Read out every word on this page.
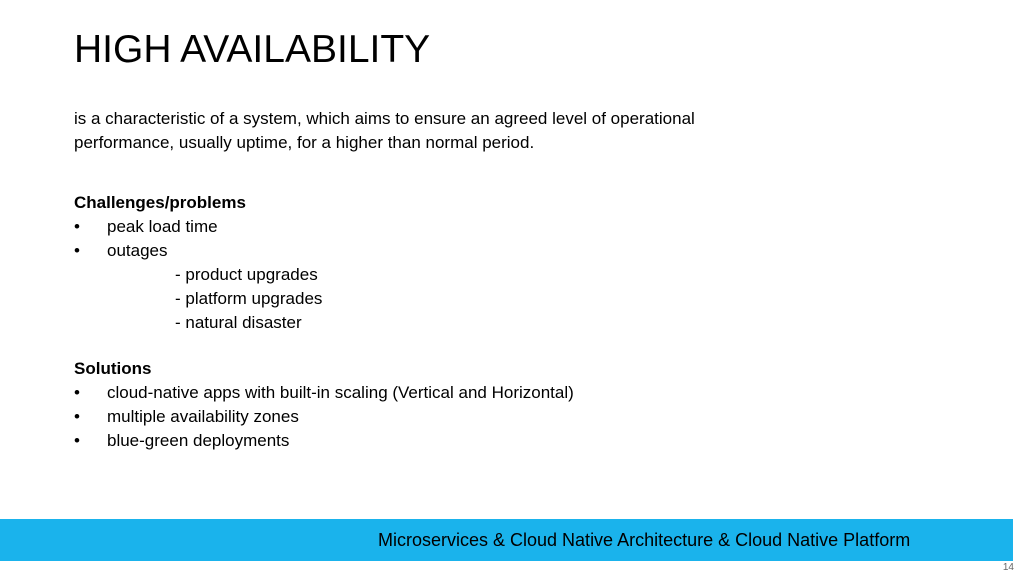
HIGH AVAILABILITY

is a characteristic of a system, which aims to ensure an agreed level of operational
performance, usually uptime, for a higher than normal period.

Challenges/problems

• peak load time
• outages
- product upgrades
- platform upgrades
- natural disaster

Solutions

• cloud-native apps with built-in scaling (Vertical and Horizontal)
• multiple availability zones
• blue-green deployments
Microservices & Cloud Native Architecture & Cloud Native Platform
14
